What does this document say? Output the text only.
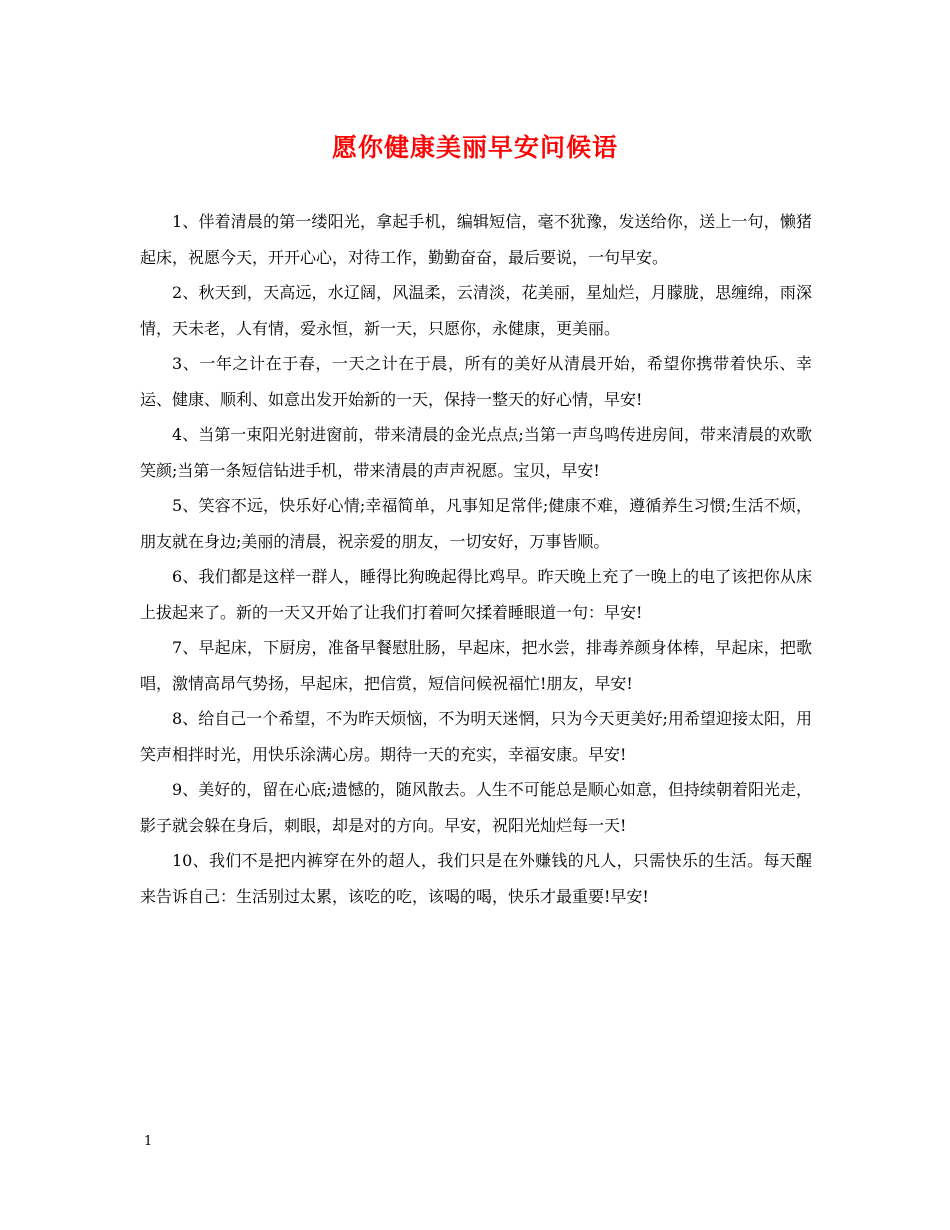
愿你健康美丽早安问候语

1、伴着清晨的第一缕阳光，拿起手机，编辑短信，毫不犹豫，发送给你，送上一句，懒猪起床，祝愿今天，开开心心，对待工作，勤勤奋奋，最后要说，一句早安。

2、秋天到，天高远，水辽阔，风温柔，云清淡，花美丽，星灿烂，月朦胧，思缠绵，雨深情，天未老，人有情，爱永恒，新一天，只愿你，永健康，更美丽。

3、一年之计在于春，一天之计在于晨，所有的美好从清晨开始，希望你携带着快乐、幸运、健康、顺利、如意出发开始新的一天，保持一整天的好心情，早安!

4、当第一束阳光射进窗前，带来清晨的金光点点;当第一声鸟鸣传进房间，带来清晨的欢歌笑颜;当第一条短信钻进手机，带来清晨的声声祝愿。宝贝，早安!

5、笑容不远，快乐好心情;幸福简单，凡事知足常伴;健康不难，遵循养生习惯;生活不烦，朋友就在身边;美丽的清晨，祝亲爱的朋友，一切安好，万事皆顺。

6、我们都是这样一群人，睡得比狗晚起得比鸡早。昨天晚上充了一晚上的电了该把你从床上拔起来了。新的一天又开始了让我们打着呵欠揉着睡眼道一句：早安!

7、早起床，下厨房，准备早餐慰肚肠，早起床，把水尝，排毒养颜身体棒，早起床，把歌唱，激情高昂气势扬，早起床，把信赏，短信问候祝福忙!朋友，早安!

8、给自己一个希望，不为昨天烦恼，不为明天迷惘，只为今天更美好;用希望迎接太阳，用笑声相拌时光，用快乐涂满心房。期待一天的充实，幸福安康。早安!

9、美好的，留在心底;遗憾的，随风散去。人生不可能总是顺心如意，但持续朝着阳光走，影子就会躲在身后，刺眼，却是对的方向。早安，祝阳光灿烂每一天!

10、我们不是把内裤穿在外的超人，我们只是在外赚钱的凡人，只需快乐的生活。每天醒来告诉自己：生活别过太累，该吃的吃，该喝的喝，快乐才最重要!早安!

1
